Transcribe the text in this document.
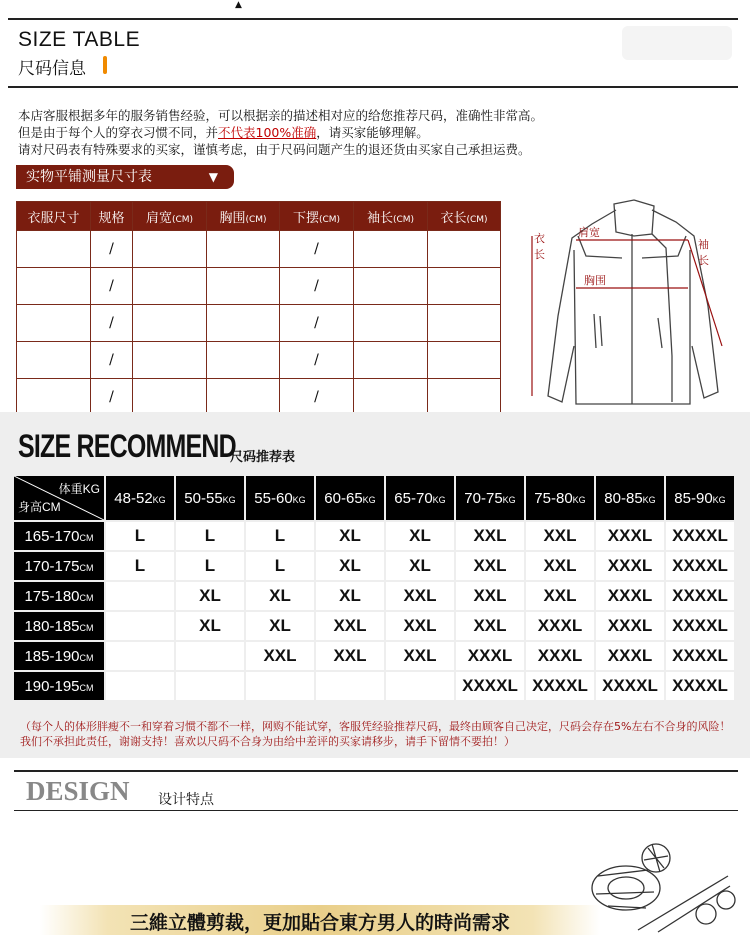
▲
SIZE TABLE
尺码信息
本店客服根据多年的服务销售经验，可以根据亲的描述相对应的给您推荐尺码，准确性非常高。
但是由于每个人的穿衣习惯不同，并不代表100%准确，请买家能够理解。
请对尺码表有特殊要求的买家，谨慎考虑，由于尺码问题产生的退还货由买家自己承担运费。
实物平铺测量尺寸表	▼
衣服尺寸	规格	肩宽(CM)	胸围(CM)	下摆(CM)	袖长(CM)	衣长(CM)
	/			/		
	/			/		
	/			/		
	/			/		
	/			/		
肩宽
胸围
衣
长
袖
长
SIZE RECOMMEND
尺码推荐表
体重KG
身高CM	48-52KG	50-55KG	55-60KG	60-65KG	65-70KG	70-75KG	75-80KG	80-85KG	85-90KG
165-170CM	L	L	L	XL	XL	XXL	XXL	XXXL	XXXXL
170-175CM	L	L	L	XL	XL	XXL	XXL	XXXL	XXXXL
175-180CM		XL	XL	XL	XXL	XXL	XXL	XXXL	XXXXL
180-185CM		XL	XL	XXL	XXL	XXL	XXXL	XXXL	XXXXL
185-190CM			XXL	XXL	XXL	XXXL	XXXL	XXXL	XXXXL
190-195CM						XXXXL	XXXXL	XXXXL	XXXXL
（每个人的体形胖瘦不一和穿着习惯不都不一样，网购不能试穿，客服凭经验推荐尺码，最终由顾客自己决定，尺码会存在5%左右不合身的风险！我们不承担此责任，谢谢支持！喜欢以尺码不合身为由给中差评的买家请移步，请手下留情不要拍！）
DESIGN 设计特点
三維立體剪裁，更加貼合東方男人的時尚需求
